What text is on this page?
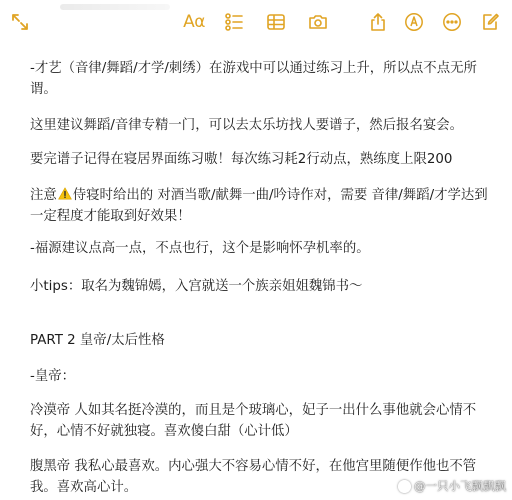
Aα

-才艺（音律/舞蹈/才学/刺绣）在游戏中可以通过练习上升，所以点不点无所谓。

这里建议舞蹈/音律专精一门，可以去太乐坊找人要谱子，然后报名宴会。

要完谱子记得在寝居界面练习嗷！每次练习耗2行动点，熟练度上限200

注意 侍寝时给出的 对酒当歌/献舞一曲/吟诗作对，需要 音律/舞蹈/才学达到一定程度才能取到好效果！

-福源建议点高一点，不点也行，这个是影响怀孕机率的。

小tips：取名为魏锦嫣，入宫就送一个族亲姐姐魏锦书～

PART 2 皇帝/太后性格

-皇帝：

冷漠帝 人如其名挺冷漠的，而且是个玻璃心，妃子一出什么事他就会心情不好，心情不好就独寝。喜欢傻白甜（心计低）

腹黑帝 我私心最喜欢。内心强大不容易心情不好，在他宫里随便作他也不管我。喜欢高心计。	@一只小飞飘飘飘
